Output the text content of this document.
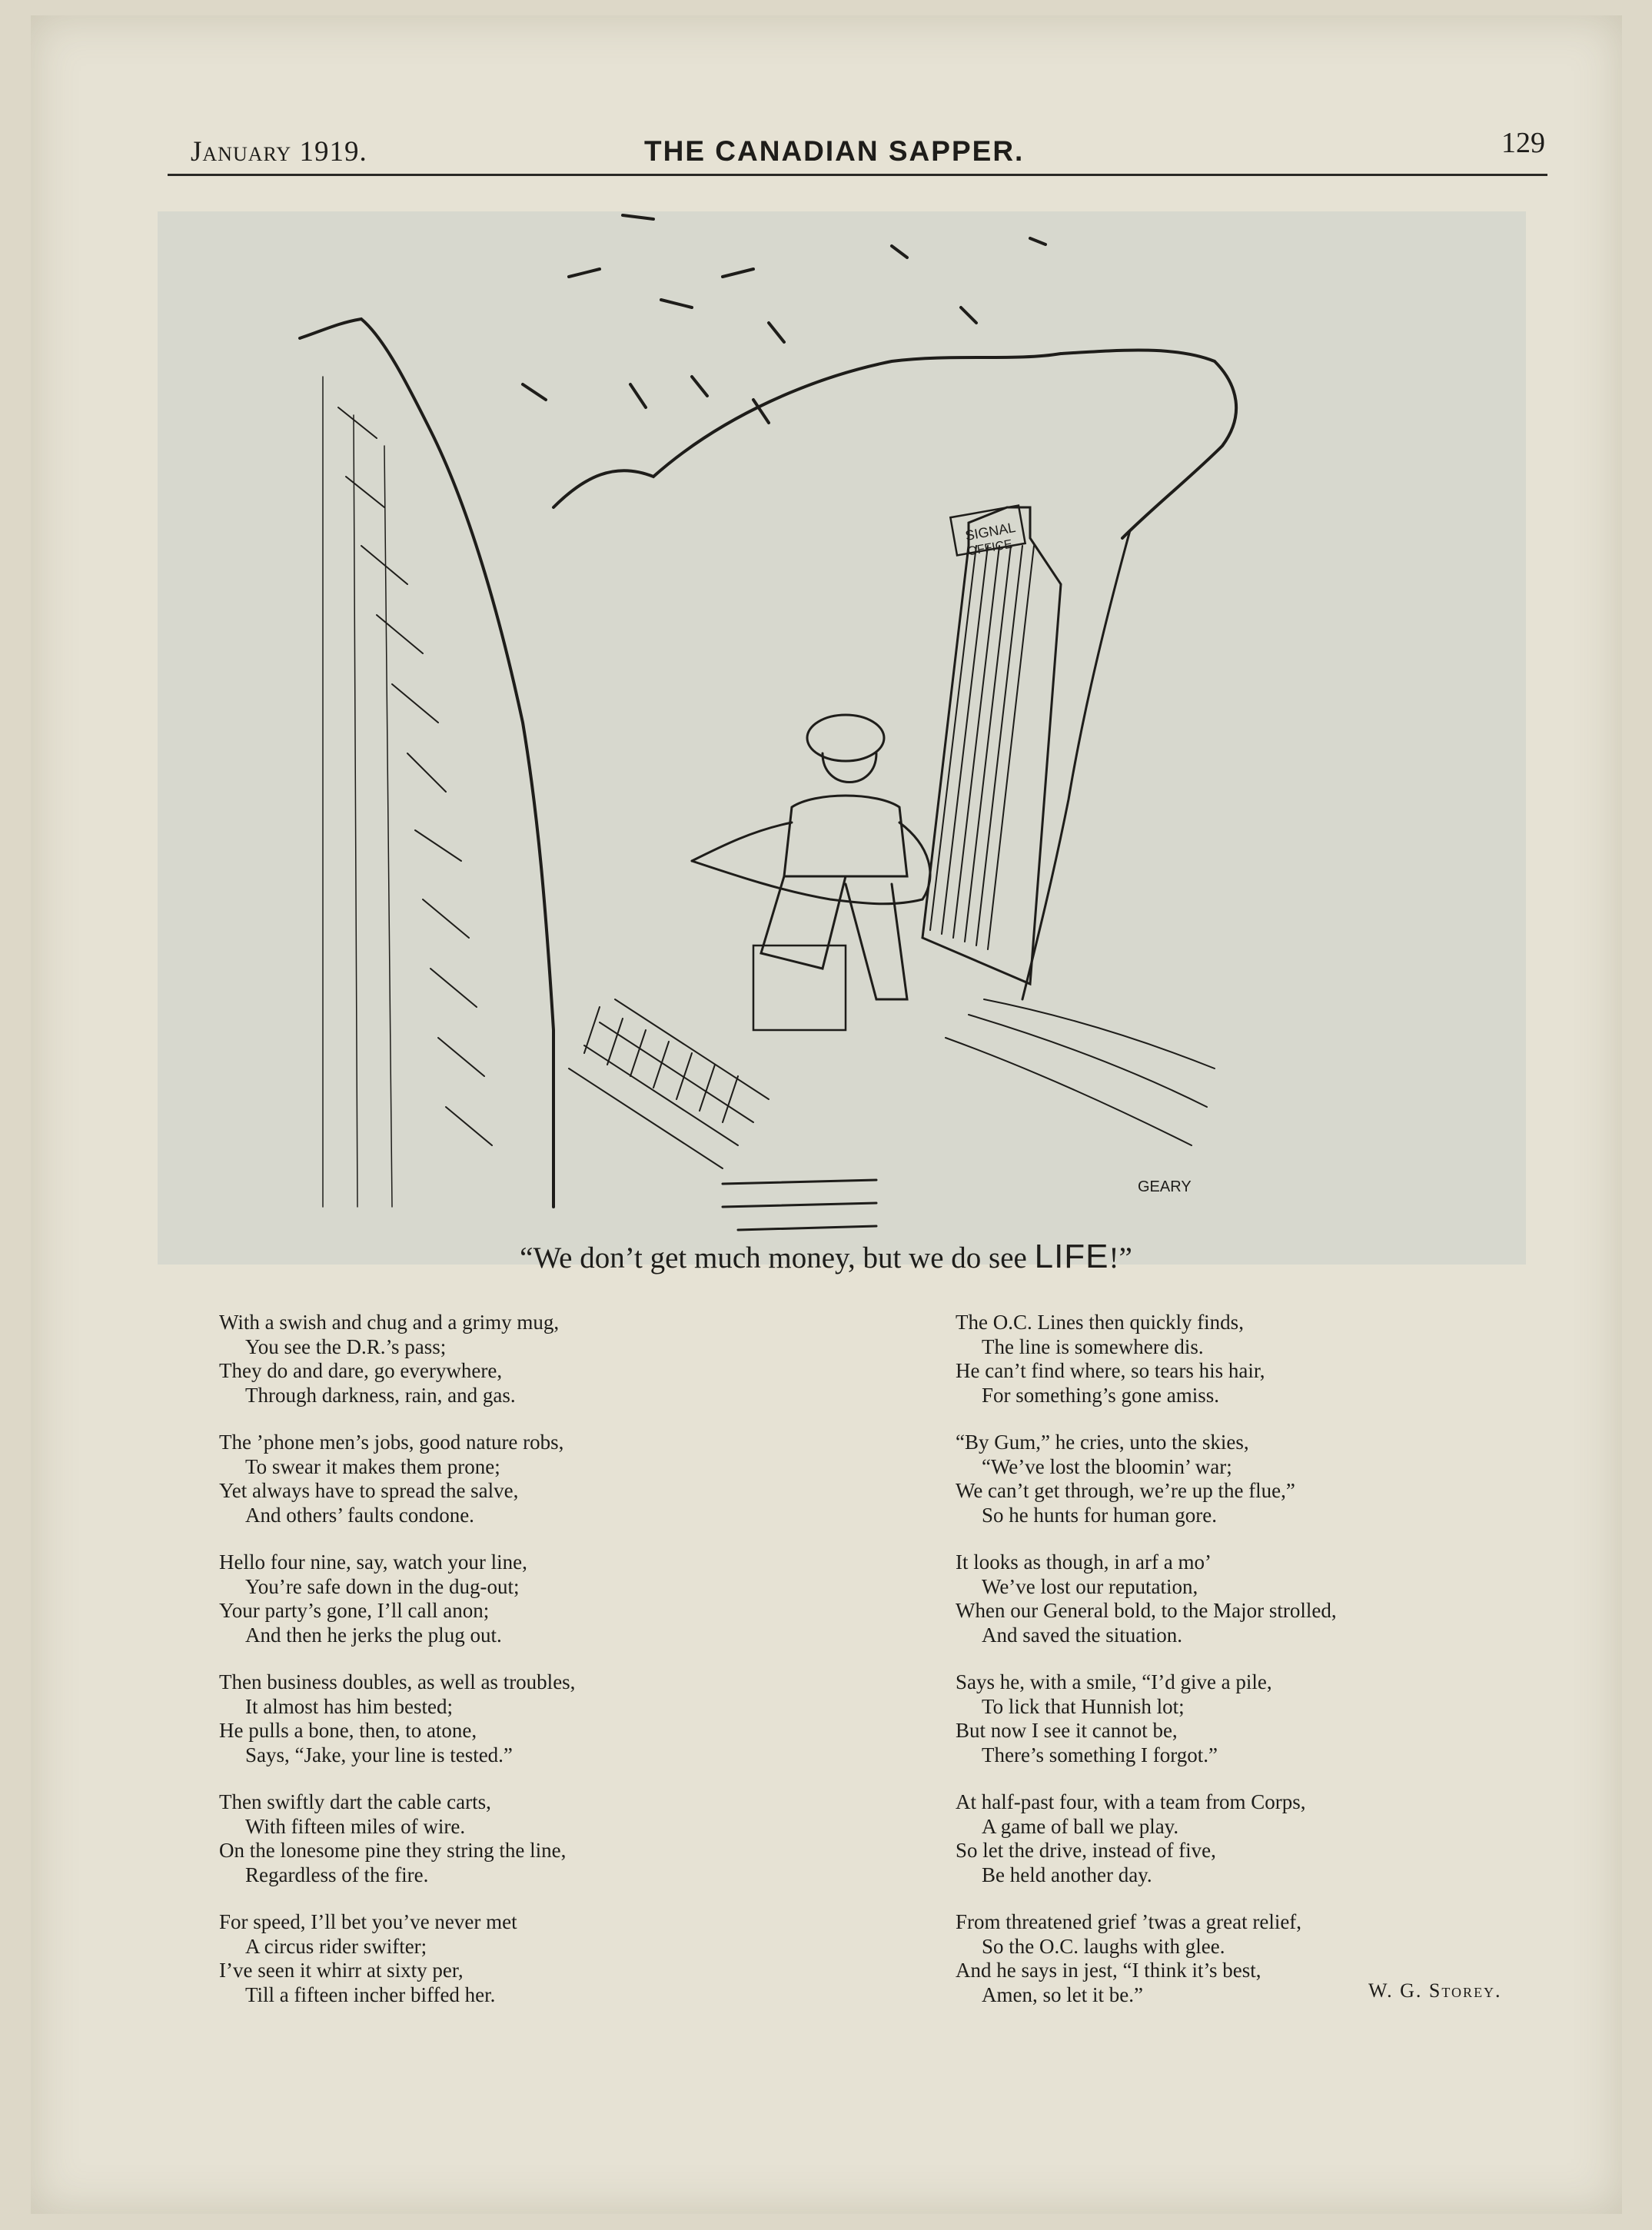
January 1919.	THE CANADIAN SAPPER.	129
SIGNAL
OFFICE
GEARY
“We don’t get much money, but we do see LIFE!”
With a swish and chug and a grimy mug,
You see the D.R.’s pass;
They do and dare, go everywhere,
Through darkness, rain, and gas.
The ’phone men’s jobs, good nature robs,
To swear it makes them prone;
Yet always have to spread the salve,
And others’ faults condone.
Hello four nine, say, watch your line,
You’re safe down in the dug-out;
Your party’s gone, I’ll call anon;
And then he jerks the plug out.
Then business doubles, as well as troubles,
It almost has him bested;
He pulls a bone, then, to atone,
Says, “Jake, your line is tested.”
Then swiftly dart the cable carts,
With fifteen miles of wire.
On the lonesome pine they string the line,
Regardless of the fire.
For speed, I’ll bet you’ve never met
A circus rider swifter;
I’ve seen it whirr at sixty per,
Till a fifteen incher biffed her.
The O.C. Lines then quickly finds,
The line is somewhere dis.
He can’t find where, so tears his hair,
For something’s gone amiss.
“By Gum,” he cries, unto the skies,
“We’ve lost the bloomin’ war;
We can’t get through, we’re up the flue,”
So he hunts for human gore.
It looks as though, in arf a mo’
We’ve lost our reputation,
When our General bold, to the Major strolled,
And saved the situation.
Says he, with a smile, “I’d give a pile,
To lick that Hunnish lot;
But now I see it cannot be,
There’s something I forgot.”
At half-past four, with a team from Corps,
A game of ball we play.
So let the drive, instead of five,
Be held another day.
From threatened grief ’twas a great relief,
So the O.C. laughs with glee.
And he says in jest, “I think it’s best,
Amen, so let it be.”	W. G. Storey.
